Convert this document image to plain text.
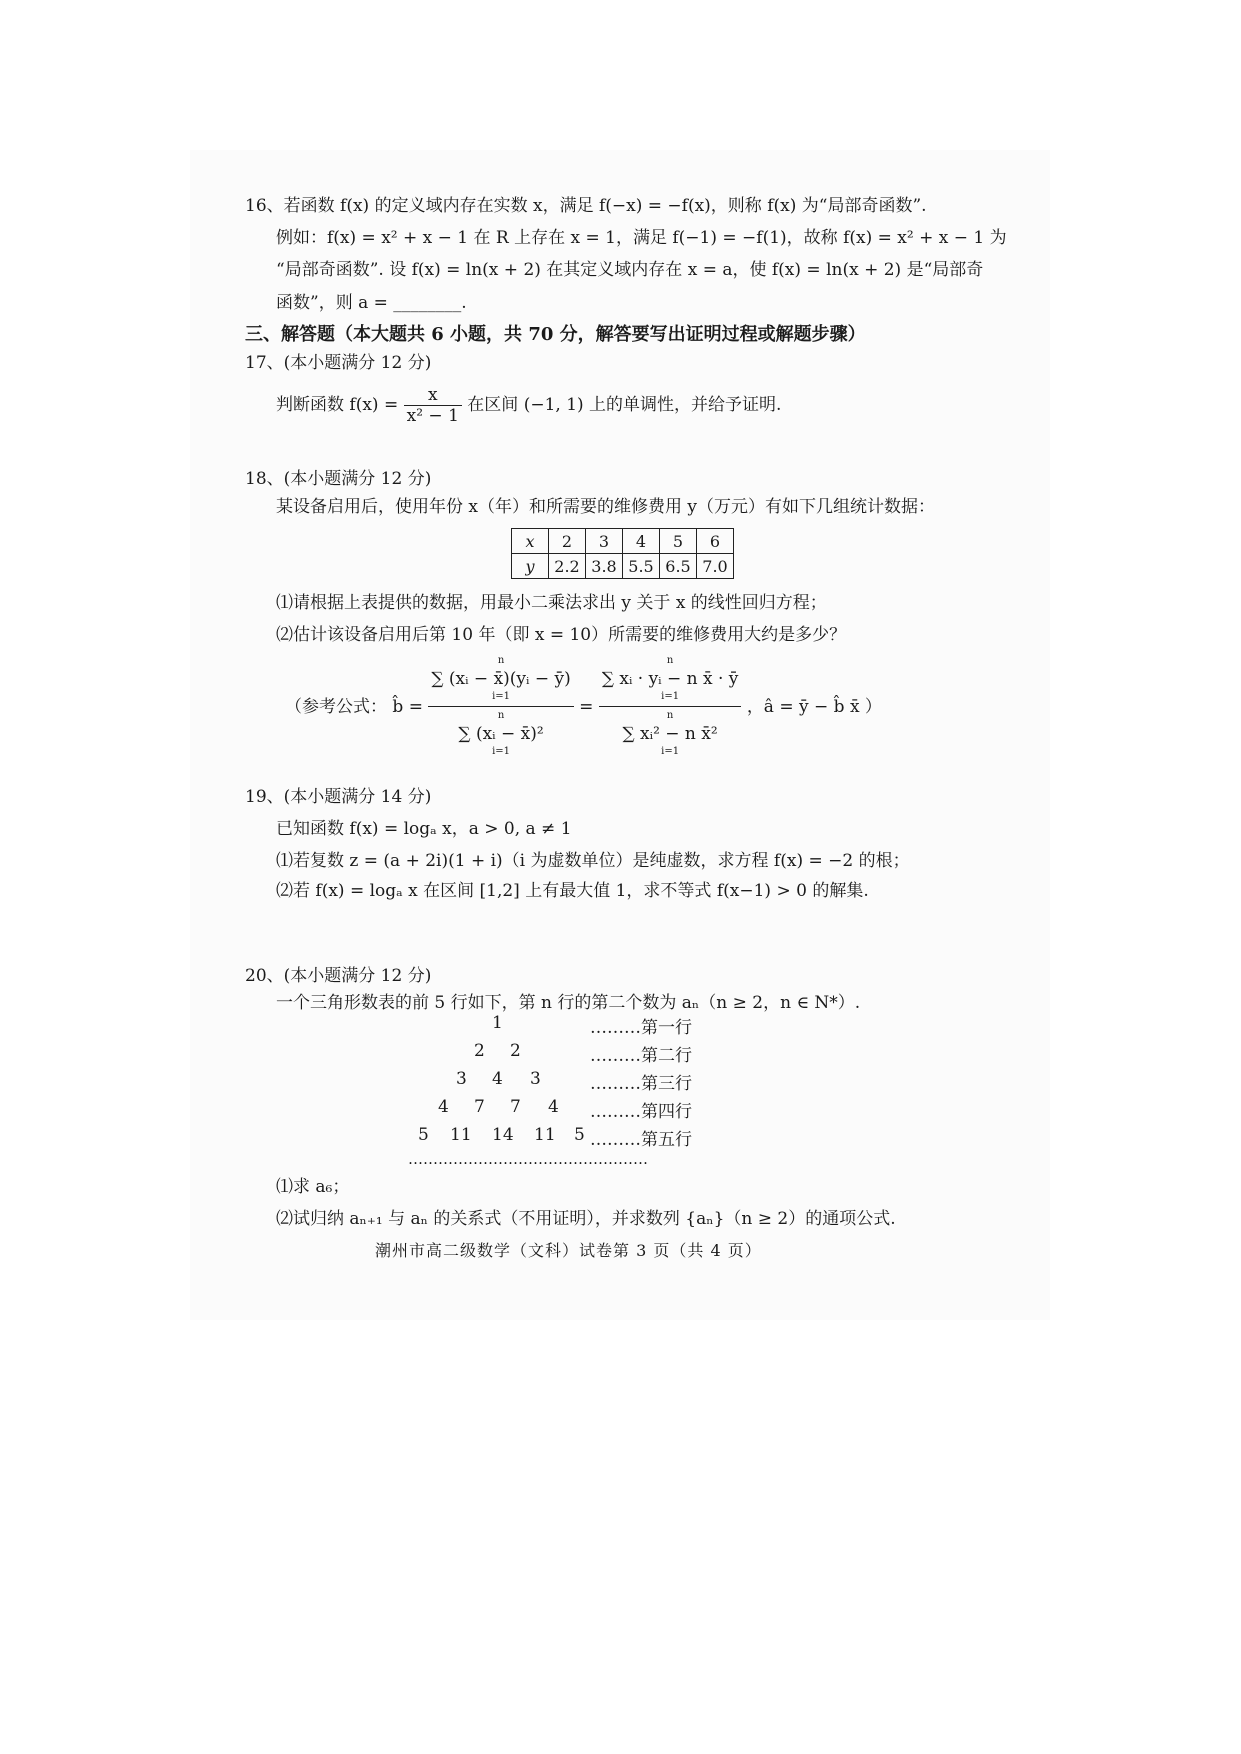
16、若函数 f(x) 的定义域内存在实数 x，满足 f(−x) = −f(x)，则称 f(x) 为“局部奇函数”.
例如：f(x) = x² + x − 1 在 R 上存在 x = 1，满足 f(−1) = −f(1)，故称 f(x) = x² + x − 1 为
“局部奇函数”. 设 f(x) = ln(x + 2) 在其定义域内存在 x = a，使 f(x) = ln(x + 2) 是“局部奇
函数”，则 a = ________.
三、解答题（本大题共 6 小题，共 70 分，解答要写出证明过程或解题步骤）
17、(本小题满分 12 分)
判断函数 $f(x) = \frac{x}{\text{x² − 1}}$ 在区间 (−1, 1) 上的单调性，并给予证明.
18、(本小题满分 12 分)
某设备启用后，使用年份 x（年）和所需要的维修费用 y（万元）有如下几组统计数据：
x	2	3	4	5	6
y	2.2	3.8	5.5	6.5	7.0
⑴请根据上表提供的数据，用最小二乘法求出 y 关于 x 的线性回归方程；
⑵估计该设备启用后第 10 年（即 x = 10）所需要的维修费用大约是多少？
（参考公式： b̂ = n
∑ (xᵢ − x̄)(yᵢ − ȳ)
i=1
n
∑ (xᵢ − x̄)²
i=1 = n
∑ xᵢ · yᵢ − n x̄ · ȳ
i=1
n
∑ xᵢ² − n x̄²
i=1 ，â = ȳ − b̂ x̄ ）
19、(本小题满分 14 分)
已知函数 f(x) = logₐ x，a > 0, a ≠ 1
⑴若复数 z = (a + 2i)(1 + i)（i 为虚数单位）是纯虚数，求方程 f(x) = −2 的根；
⑵若 f(x) = logₐ x 在区间 [1,2] 上有最大值 1，求不等式 f(x−1) > 0 的解集.
20、(本小题满分 12 分)
一个三角形数表的前 5 行如下，第 n 行的第二个数为 aₙ（n ≥ 2，n ∈ N*）.
1	………第一行
2 2	………第二行
3 4 3	………第三行
4 7 7 4 ………第四行
5 11 14 11 5 ………第五行
…………………………………………
⑴求 a₆；
⑵试归纳 aₙ₊₁ 与 aₙ 的关系式（不用证明），并求数列 {aₙ}（n ≥ 2）的通项公式.
潮州市高二级数学（文科）试卷第 3 页（共 4 页）
